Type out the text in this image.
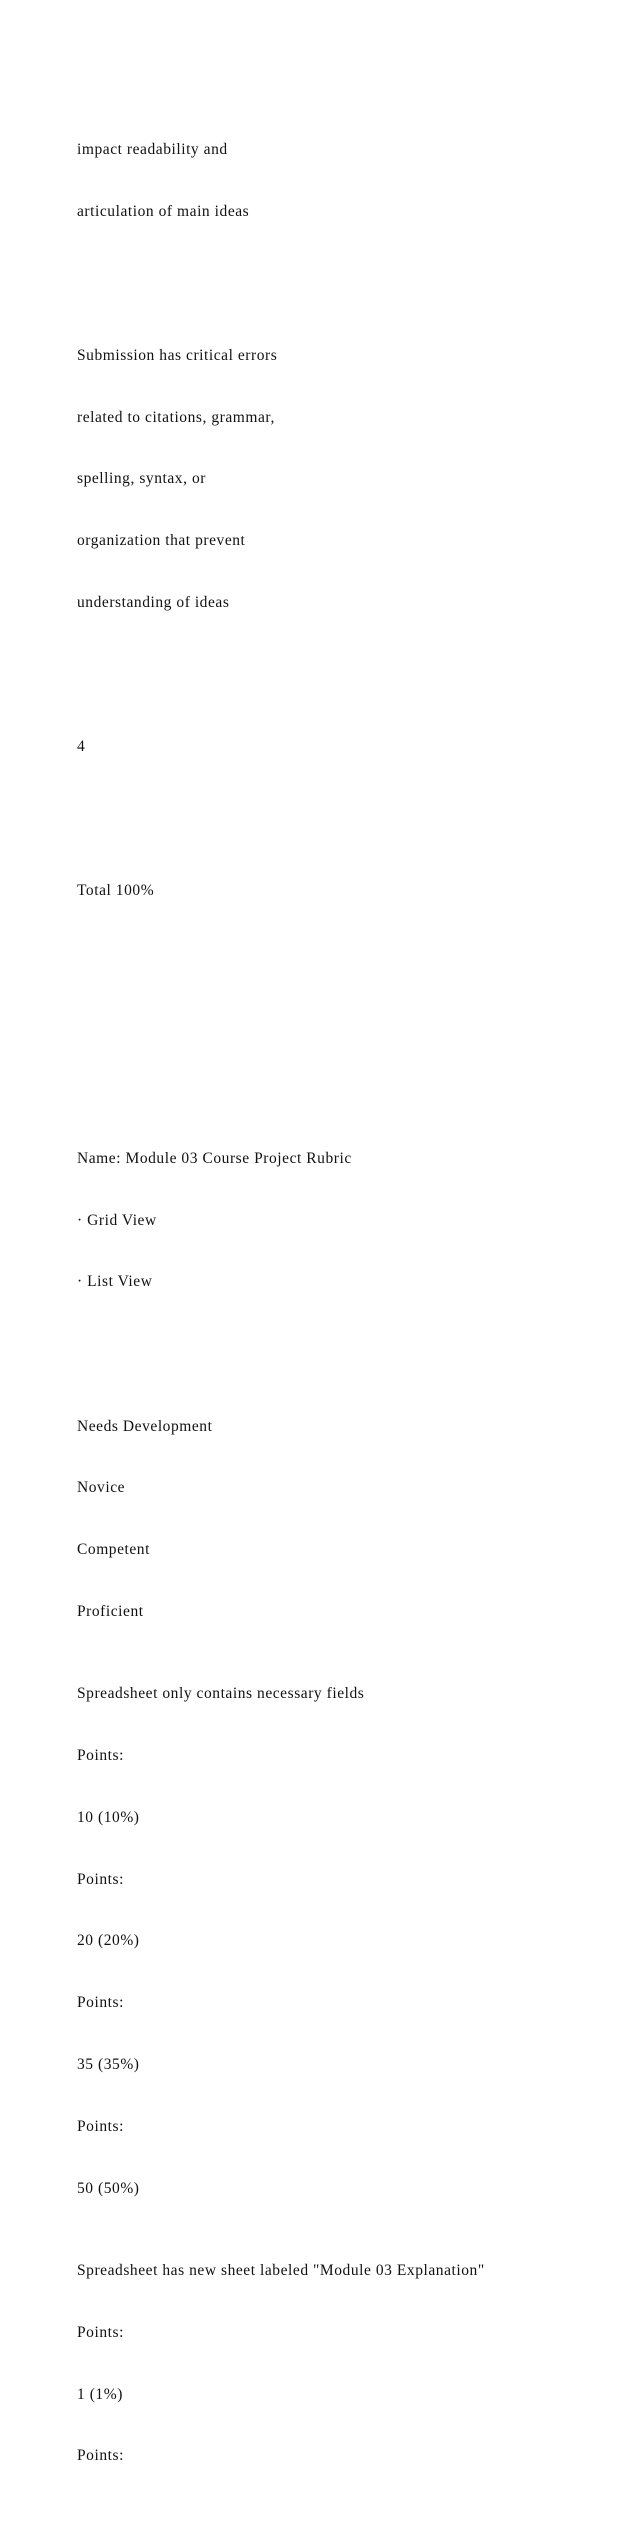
impact readability and

articulation of main ideas

Submission has critical errors

related to citations, grammar,

spelling, syntax, or

organization that prevent

understanding of ideas

4

Total 100%

Name: Module 03 Course Project Rubric

· Grid View

· List View

Needs Development

Novice

Competent

Proficient

Spreadsheet only contains necessary fields

Points:

10 (10%)

Points:

20 (20%)

Points:

35 (35%)

Points:

50 (50%)

Spreadsheet has new sheet labeled "Module 03 Explanation"

Points:

1 (1%)

Points:
